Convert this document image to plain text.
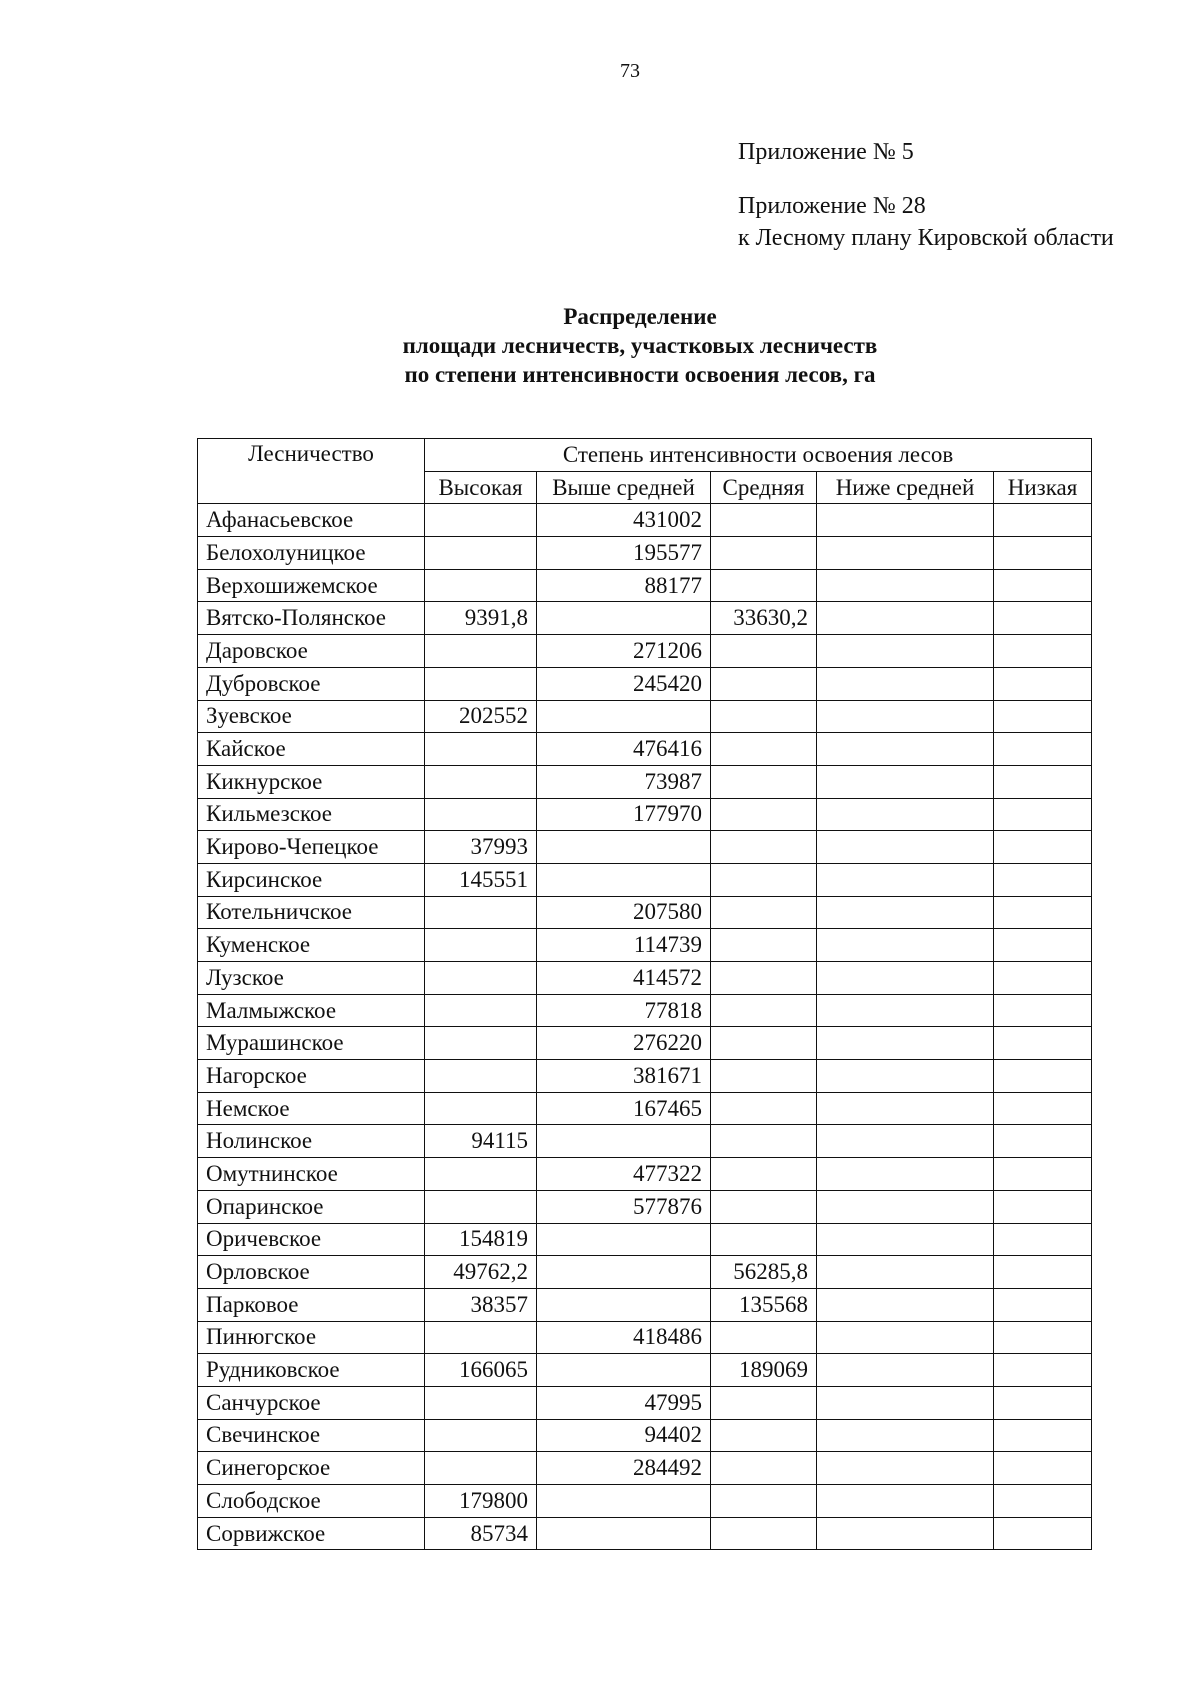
73
Приложение № 5
Приложение № 28
к Лесному плану Кировской области
Распределение
площади лесничеств, участковых лесничеств
по степени интенсивности освоения лесов, га
Лесничество	Степень интенсивности освоения лесов				
	Высокая	Выше средней	Средняя	Ниже средней	Низкая
Афанасьевское		431002			
Белохолуницкое		195577			
Верхошижемское		88177			
Вятско-Полянское	9391,8		33630,2		
Даровское		271206			
Дубровское		245420			
Зуевское	202552				
Кайское		476416			
Кикнурское		73987			
Кильмезское		177970			
Кирово-Чепецкое	37993				
Кирсинское	145551				
Котельничское		207580			
Куменское		114739			
Лузское		414572			
Малмыжское		77818			
Мурашинское		276220			
Нагорское		381671			
Немское		167465			
Нолинское	94115				
Омутнинское		477322			
Опаринское		577876			
Оричевское	154819				
Орловское	49762,2		56285,8		
Парковое	38357		135568		
Пинюгское		418486			
Рудниковское	166065		189069		
Санчурское		47995			
Свечинское		94402			
Синегорское		284492			
Слободское	179800				
Сорвижское	85734				
